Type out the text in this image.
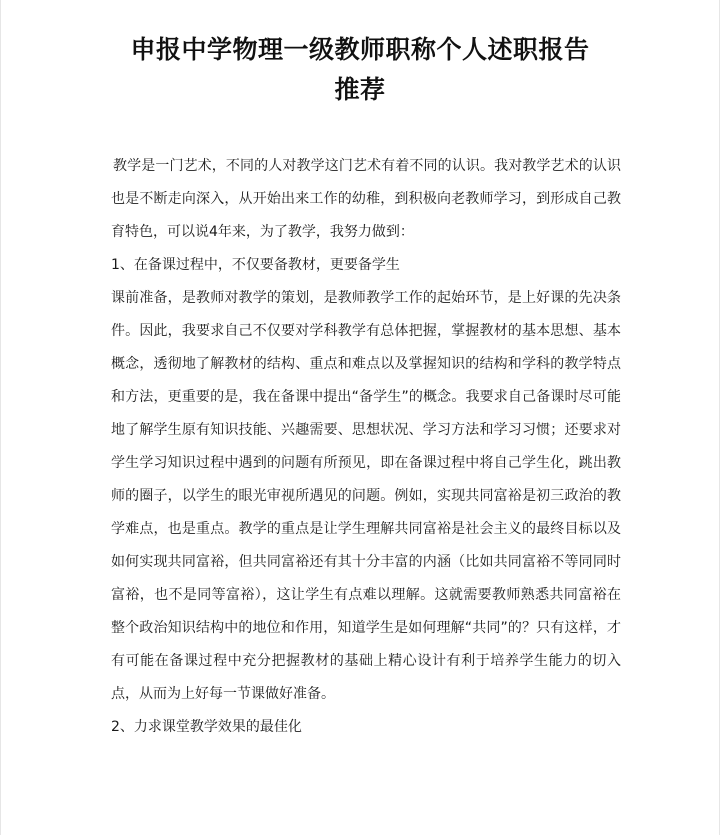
申报中学物理一级教师职称个人述职报告
推荐

教学是一门艺术，不同的人对教学这门艺术有着不同的认识。我对教学艺术的认识也是不断走向深入，从开始出来工作的幼稚，到积极向老教师学习，到形成自己教育特色，可以说4年来，为了教学，我努力做到：

1、在备课过程中，不仅要备教材，更要备学生

课前准备，是教师对教学的策划，是教师教学工作的起始环节，是上好课的先决条件。因此，我要求自己不仅要对学科教学有总体把握，掌握教材的基本思想、基本概念，透彻地了解教材的结构、重点和难点以及掌握知识的结构和学科的教学特点和方法，更重要的是，我在备课中提出“备学生”的概念。我要求自己备课时尽可能地了解学生原有知识技能、兴趣需要、思想状况、学习方法和学习习惯；还要求对学生学习知识过程中遇到的问题有所预见，即在备课过程中将自己学生化，跳出教师的圈子，以学生的眼光审视所遇见的问题。例如，实现共同富裕是初三政治的教学难点，也是重点。教学的重点是让学生理解共同富裕是社会主义的最终目标以及如何实现共同富裕，但共同富裕还有其十分丰富的内涵（比如共同富裕不等同同时富裕，也不是同等富裕），这让学生有点难以理解。这就需要教师熟悉共同富裕在整个政治知识结构中的地位和作用，知道学生是如何理解“共同”的？只有这样，才有可能在备课过程中充分把握教材的基础上精心设计有利于培养学生能力的切入点，从而为上好每一节课做好准备。

2、力求课堂教学效果的最佳化
